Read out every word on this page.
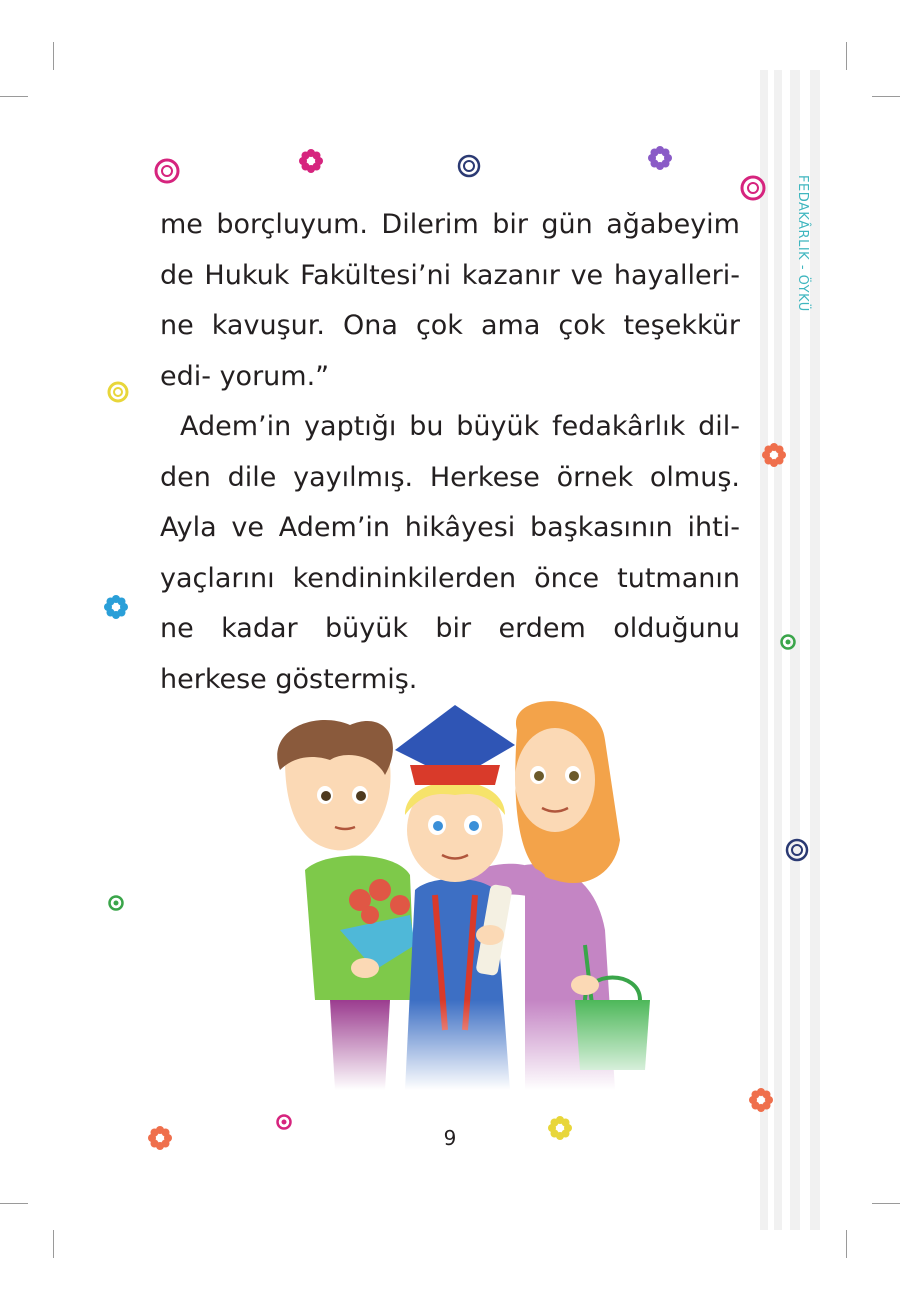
FEDAKÂRLIK - ÖYKÜ

me borçluyum. Dilerim bir gün ağabeyim de Hukuk Fakültesi’ni kazanır ve hayalleri- ne kavuşur. Ona çok ama çok teşekkür edi- yorum.”

Adem’in yaptığı bu büyük fedakârlık dil- den dile yayılmış. Herkese örnek olmuş. Ayla ve Adem’in hikâyesi başkasının ihti- yaçlarını kendininkilerden önce tutmanın ne kadar büyük bir erdem olduğunu herkese göstermiş.

9
